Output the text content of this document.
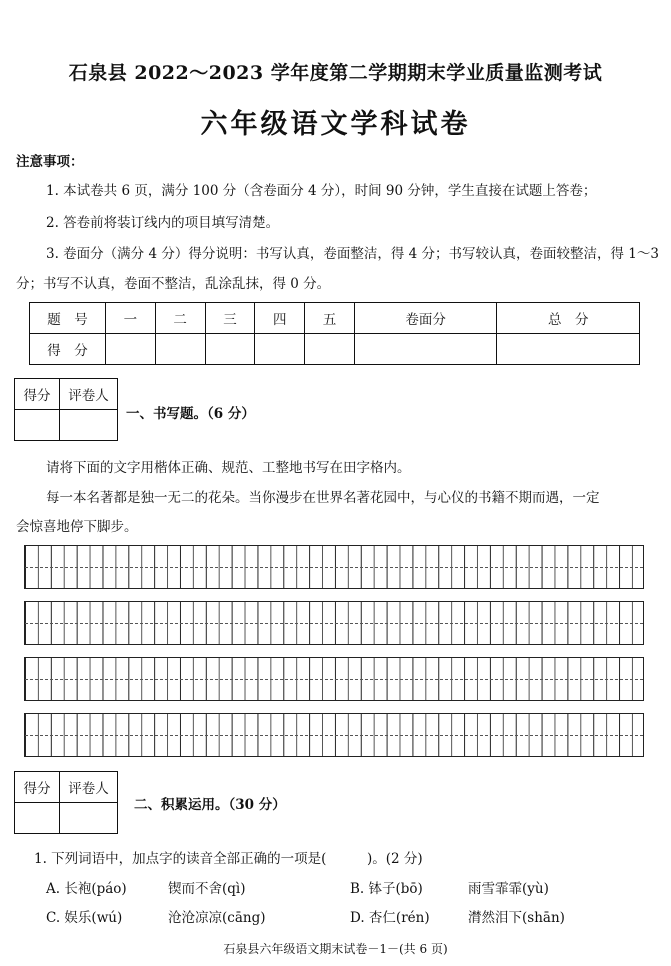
石泉县 2022～2023 学年度第二学期期末学业质量监测考试
六年级语文学科试卷
注意事项：
1. 本试卷共 6 页，满分 100 分（含卷面分 4 分），时间 90 分钟，学生直接在试题上答卷；
2. 答卷前将装订线内的项目填写清楚。
3. 卷面分（满分 4 分）得分说明：书写认真，卷面整洁，得 4 分；书写较认真，卷面较整洁，得 1～3
分；书写不认真，卷面不整洁，乱涂乱抹，得 0 分。
题　号	一	二	三	四	五	卷面分	总　分
得　分							
得分	评卷人

一、书写题。（6 分）
请将下面的文字用楷体正确、规范、工整地书写在田字格内。
每一本名著都是独一无二的花朵。当你漫步在世界名著花园中，与心仪的书籍不期而遇，一定
会惊喜地停下脚步。
得分	评卷人

二、积累运用。（30 分）
1. 下列词语中，加点字的读音全部正确的一项是(　　　)。(2 分)
A. 长袍(páo)	锲而不舍(qì)	B. 钵子(bō)	雨雪霏霏(yù)
C. 娱乐(wú)	沧沧凉凉(cāng)	D. 杏仁(rén)	潸然泪下(shān)
石泉县六年级语文期末试卷－1－(共 6 页)
